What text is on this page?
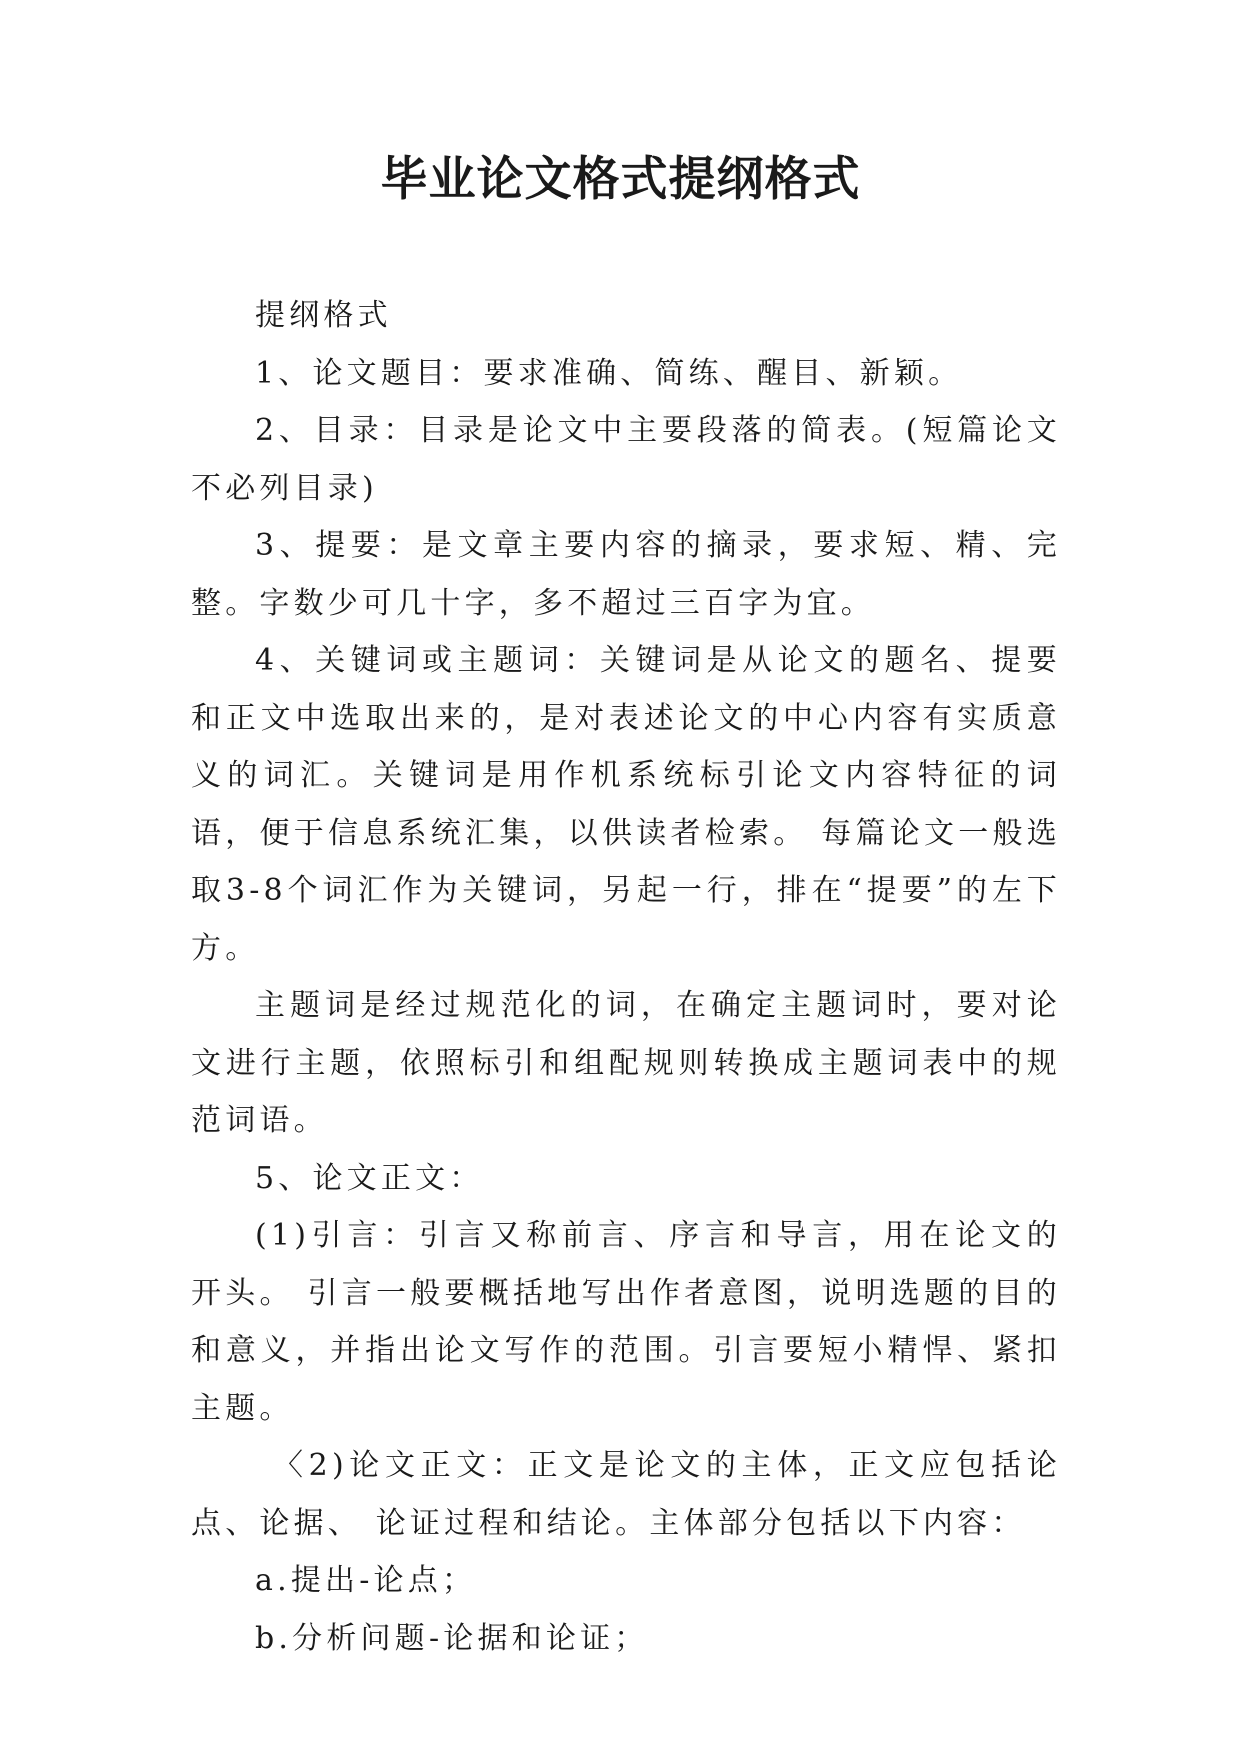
毕业论文格式提纲格式

提纲格式

1、论文题目：要求准确、简练、醒目、新颖。

2、目录：目录是论文中主要段落的简表。(短篇论文不必列目录)

3、提要：是文章主要内容的摘录，要求短、精、完整。字数少可几十字，多不超过三百字为宜。

4、关键词或主题词：关键词是从论文的题名、提要和正文中选取出来的，是对表述论文的中心内容有实质意义的词汇。关键词是用作机系统标引论文内容特征的词语，便于信息系统汇集，以供读者检索。 每篇论文一般选取3-8个词汇作为关键词，另起一行，排在“提要”的左下方。

主题词是经过规范化的词，在确定主题词时，要对论文进行主题，依照标引和组配规则转换成主题词表中的规范词语。

5、论文正文：

(1)引言：引言又称前言、序言和导言，用在论文的开头。 引言一般要概括地写出作者意图，说明选题的目的和意义，并指出论文写作的范围。引言要短小精悍、紧扣主题。

〈2)论文正文：正文是论文的主体，正文应包括论点、论据、 论证过程和结论。主体部分包括以下内容：

a.提出-论点；

b.分析问题-论据和论证；
